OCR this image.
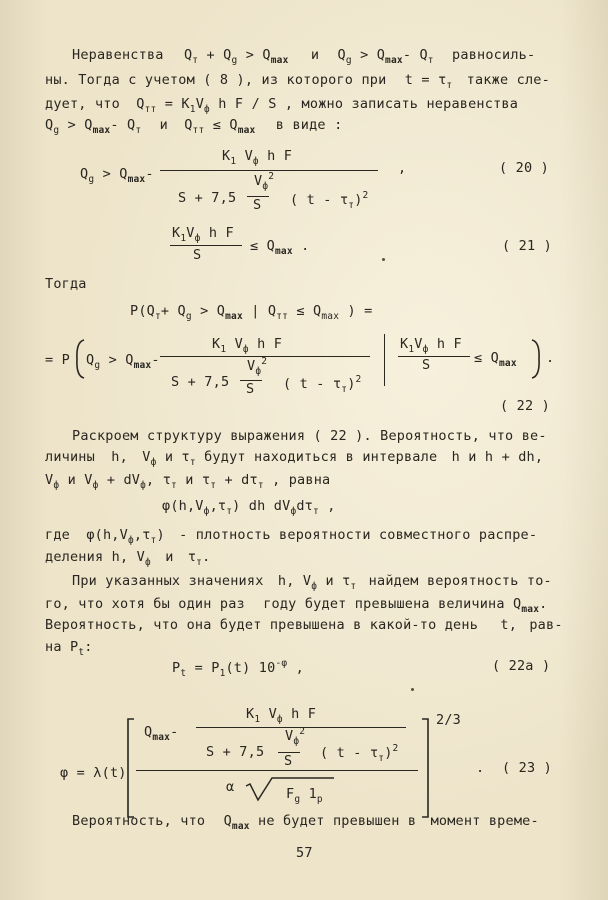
Неравенства $Q_т + Q_g > Q_{max}$ и $Q_g > Q_{max}-$ $Q_т$ равносиль-
ны. Тогда с учетом ( 8 ), из которого при $t = \tau_т$ также сле-
дует, что $Q_{тт} = K_1V_ф$ h F / S , можно записать неравенства
$Q_g > Q_{max}-$ $Q_т$ и $Q_{тт} \le Q_{max}$ в виде :
$Q_g > Q_{max}-$
$K_1$ $V_ф$ h F
$V_ф^2$
S + 7,5 S ( t - $\tau_т)^2$
,	( 20 )
$K_1V_ф$ h F
S
≤ $Q_{max}$ .	( 21 )
Тогда
$P(Q_т+ Q_g > Q_{max}$ | $Q_{тт} \le Q_{max}$ ) =
= P $Q_g > Q_{max}-$
$K_1$ $V_ф$ h F
$V_ф^2$
S + 7,5 S ( t - $\tau_т)^2$
$K_1V_ф$ h F
S	≤ $Q_{max}$ .
( 22 )
Раскроем структуру выражения ( 22 ). Вероятность, что ве-
личины h, $V_ф$ и $\tau_т$ будут находиться в интервале h и h + dh,
$V_ф$ и $V_ф + dV_ф$, $\tau_т$ и $\tau_т + d\tau_т$ , равна
$\varphi(h,V_ф,\tau_т)$ dh $dV_фd\tau_т$ ,
где $\varphi(h,V_ф,\tau_т)$ - плотность вероятности совместного распре-
деления h, $V_ф$ и $\tau_т$.
При указанных значениях h, $V_ф$ и $\tau_т$ найдем вероятность то-
го, что хотя бы один раз году будет превышена величина $Q_{max}$.
Вероятность, что она будет превышена в какой-то день t, рав-
на $P_t$:
$P_t = P_1(t)$ $10^{-\varphi}$ ,	( 22a )
φ = λ(t)
$Q_{max}-$
$K_1$ $V_ф$ h F
$V_ф^2$
S + 7,5
S ( t - $\tau_т)^2$
α	$F_g$ $1_p$
2/3
. ( 23 )
Вероятность, что $Q_{max}$ не будет превышен в момент време-
57
